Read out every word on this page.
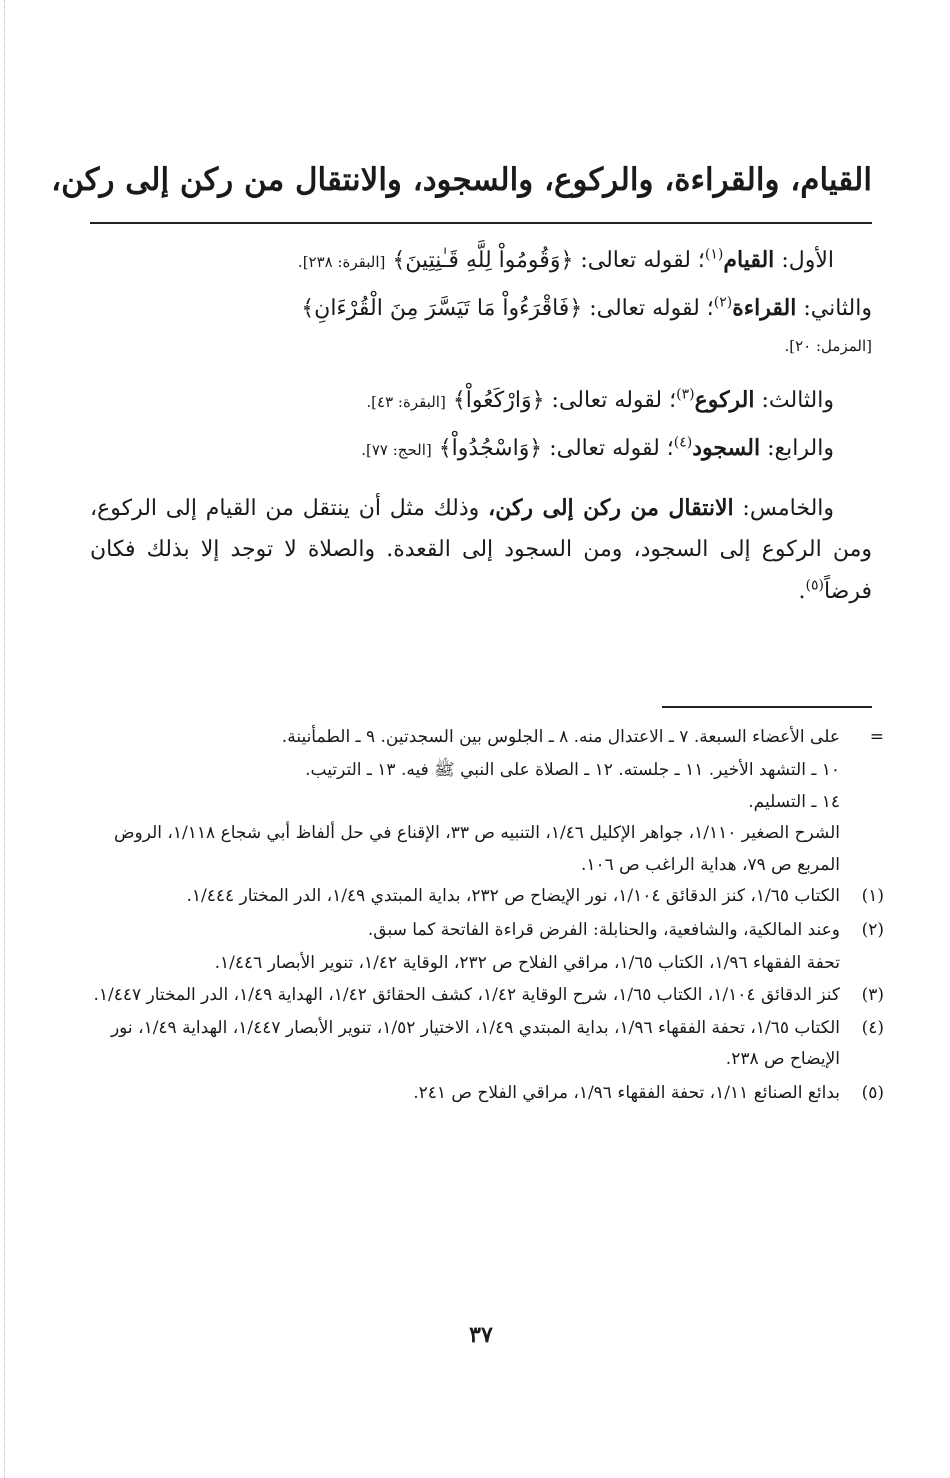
القيام، والقراءة، والركوع، والسجود، والانتقال من ركن إلى ركن،
الأول: القيام$^{(١)}$؛ لقوله تعالى: ﴿وَقُومُواْ لِلَّهِ قَـٰنِتِينَ﴾ [البقرة: ٢٣٨].
والثاني: القراءة$^{(٢)}$؛ لقوله تعالى: ﴿فَاقْرَءُواْ مَا تَيَسَّرَ مِنَ الْقُرْءَانِ﴾
[المزمل: ٢٠].
والثالث: الركوع$^{(٣)}$؛ لقوله تعالى: ﴿وَارْكَعُواْ﴾ [البقرة: ٤٣].
والرابع: السجود$^{(٤)}$؛ لقوله تعالى: ﴿وَاسْجُدُواْ﴾ [الحج: ٧٧].
والخامس: الانتقال من ركن إلى ركن، وذلك مثل أن ينتقل من القيام إلى الركوع، ومن الركوع إلى السجود، ومن السجود إلى القعدة. والصلاة لا توجد إلا بذلك فكان فرضاً$^{(٥)}$.
=
على الأعضاء السبعة. ٧ ـ الاعتدال منه. ٨ ـ الجلوس بين السجدتين. ٩ ـ الطمأنينة.
١٠ ـ التشهد الأخير. ١١ ـ جلسته. ١٢ ـ الصلاة على النبي ﷺ فيه. ١٣ ـ الترتيب.
١٤ ـ التسليم.
الشرح الصغير ١/١١٠، جواهر الإكليل ١/٤٦، التنبيه ص ٣٣، الإقناع في حل ألفاظ أبي شجاع ١/١١٨، الروض المربع ص ٧٩، هداية الراغب ص ١٠٦.
(١)
الكتاب ١/٦٥، كنز الدقائق ١/١٠٤، نور الإيضاح ص ٢٣٢، بداية المبتدي ١/٤٩، الدر المختار ١/٤٤٤.
(٢)
وعند المالكية، والشافعية، والحنابلة: الفرض قراءة الفاتحة كما سبق.
تحفة الفقهاء ١/٩٦، الكتاب ١/٦٥، مراقي الفلاح ص ٢٣٢، الوقاية ١/٤٢، تنوير الأبصار ١/٤٤٦.
(٣)
كنز الدقائق ١/١٠٤، الكتاب ١/٦٥، شرح الوقاية ١/٤٢، كشف الحقائق ١/٤٢، الهداية ١/٤٩، الدر المختار ١/٤٤٧.
(٤)
الكتاب ١/٦٥، تحفة الفقهاء ١/٩٦، بداية المبتدي ١/٤٩، الاختيار ١/٥٢، تنوير الأبصار ١/٤٤٧، الهداية ١/٤٩، نور الإيضاح ص ٢٣٨.
(٥)
بدائع الصنائع ١/١١، تحفة الفقهاء ١/٩٦، مراقي الفلاح ص ٢٤١.
٣٧
